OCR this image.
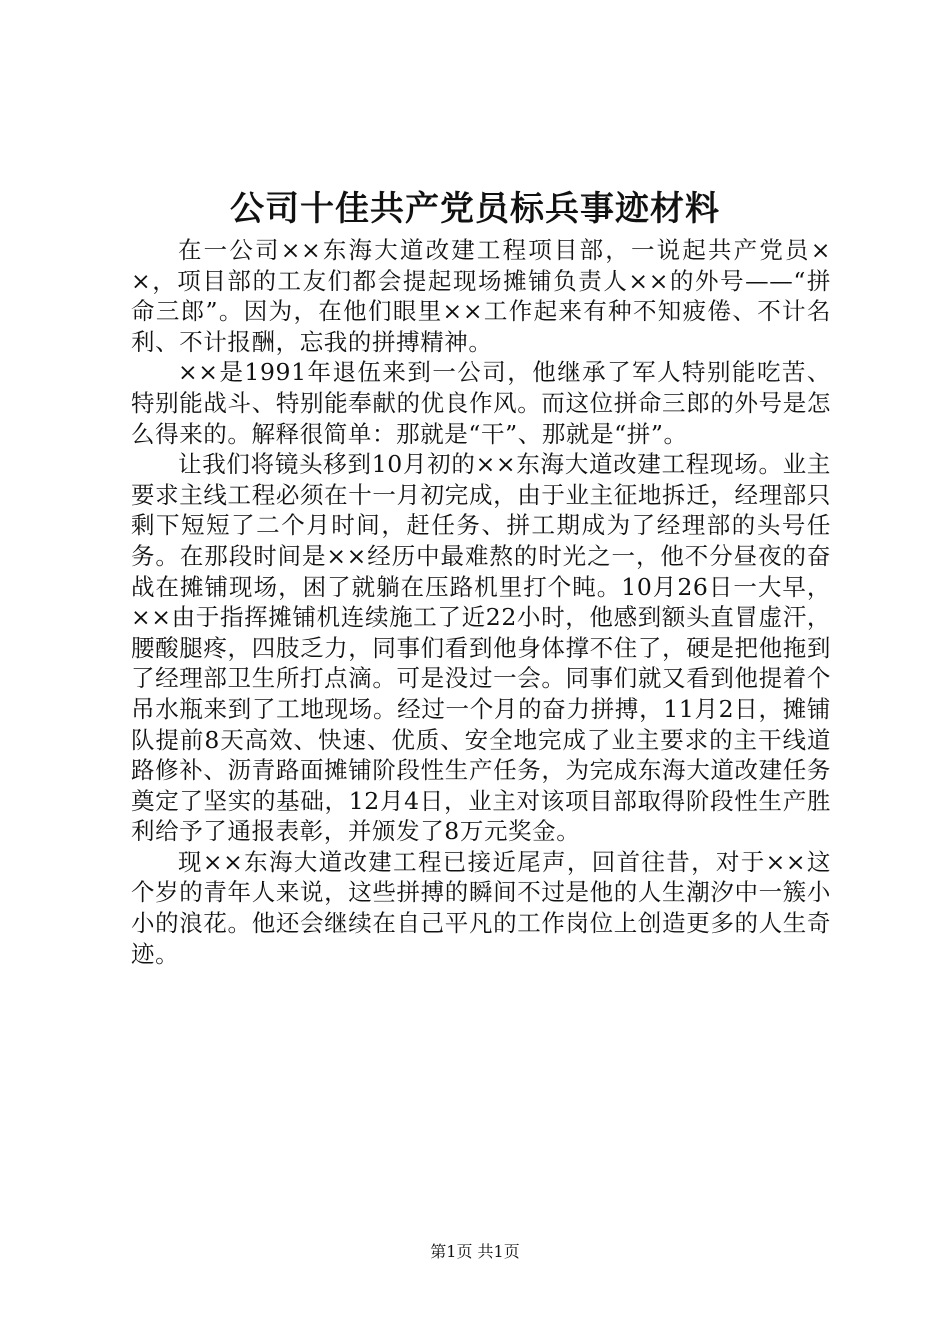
公司十佳共产党员标兵事迹材料

在一公司××东海大道改建工程项目部，一说起共产党员××，项目部的工友们都会提起现场摊铺负责人××的外号——“拼命三郎”。因为，在他们眼里××工作起来有种不知疲倦、不计名利、不计报酬，忘我的拼搏精神。

××是1991年退伍来到一公司，他继承了军人特别能吃苦、特别能战斗、特别能奉献的优良作风。而这位拼命三郎的外号是怎么得来的。解释很简单：那就是“干”、那就是“拼”。

让我们将镜头移到10月初的××东海大道改建工程现场。业主要求主线工程必须在十一月初完成，由于业主征地拆迁，经理部只剩下短短了二个月时间，赶任务、拼工期成为了经理部的头号任务。在那段时间是××经历中最难熬的时光之一，他不分昼夜的奋战在摊铺现场，困了就躺在压路机里打个盹。10月26日一大早，××由于指挥摊铺机连续施工了近22小时，他感到额头直冒虚汗，腰酸腿疼，四肢乏力，同事们看到他身体撑不住了，硬是把他拖到了经理部卫生所打点滴。可是没过一会。同事们就又看到他提着个吊水瓶来到了工地现场。经过一个月的奋力拼搏，11月2日，摊铺队提前8天高效、快速、优质、安全地完成了业主要求的主干线道路修补、沥青路面摊铺阶段性生产任务，为完成东海大道改建任务奠定了坚实的基础，12月4日，业主对该项目部取得阶段性生产胜利给予了通报表彰，并颁发了8万元奖金。

现××东海大道改建工程已接近尾声，回首往昔，对于××这个岁的青年人来说，这些拼搏的瞬间不过是他的人生潮汐中一簇小小的浪花。他还会继续在自己平凡的工作岗位上创造更多的人生奇迹。

第1页 共1页
